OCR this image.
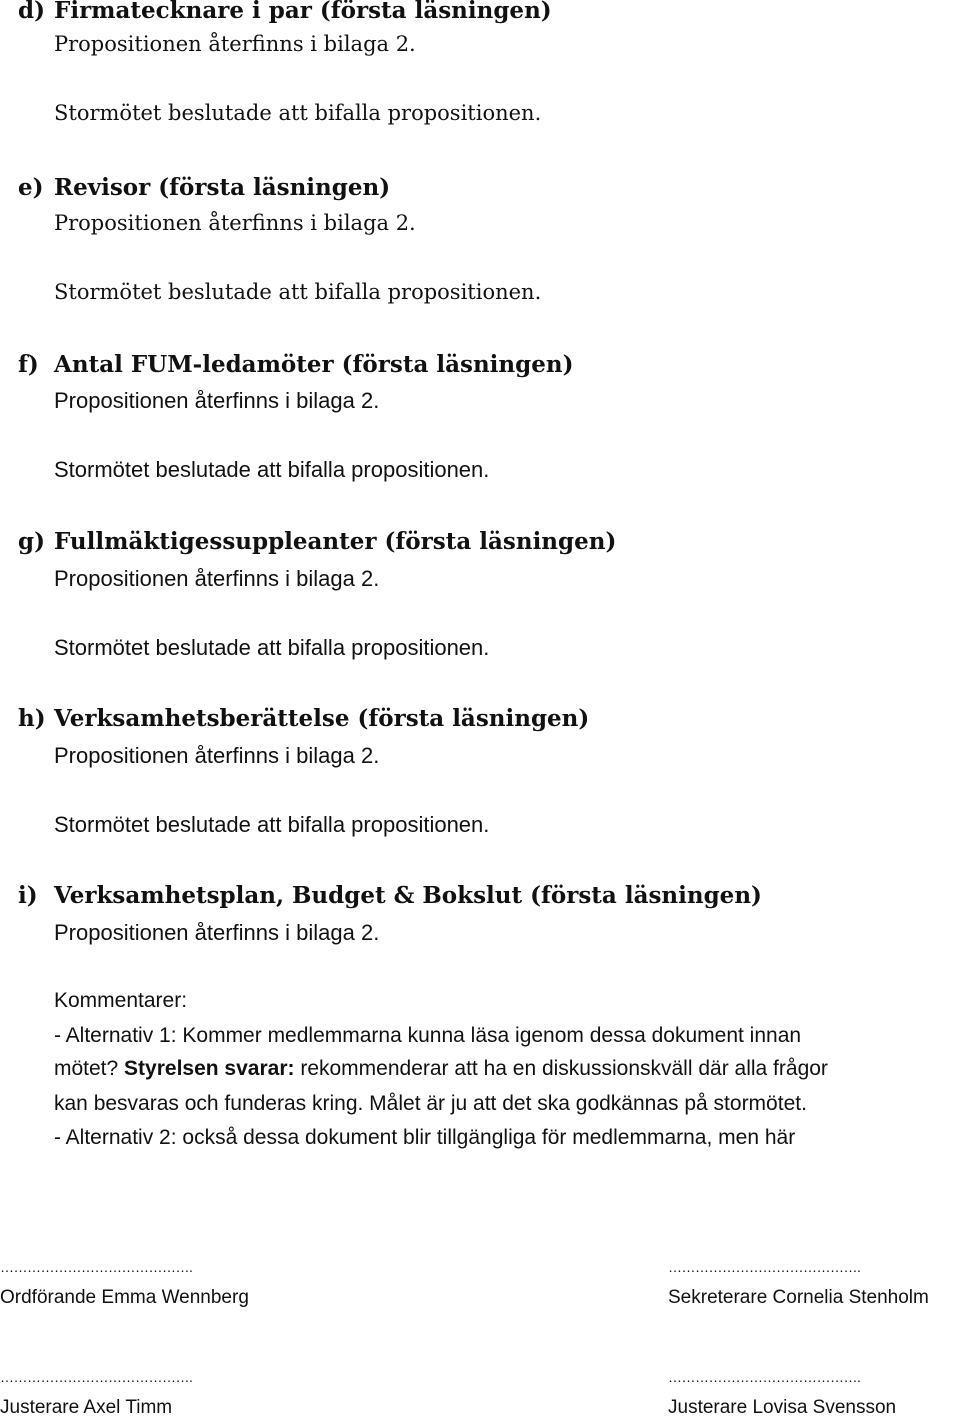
d) Firmatecknare i par (första läsningen)
Propositionen återfinns i bilaga 2.
Stormötet beslutade att bifalla propositionen.
e) Revisor (första läsningen)
Propositionen återfinns i bilaga 2.
Stormötet beslutade att bifalla propositionen.
f) Antal FUM-ledamöter (första läsningen)
Propositionen återfinns i bilaga 2.
Stormötet beslutade att bifalla propositionen.
g) Fullmäktigessuppleanter (första läsningen)
Propositionen återfinns i bilaga 2.
Stormötet beslutade att bifalla propositionen.
h) Verksamhetsberättelse (första läsningen)
Propositionen återfinns i bilaga 2.
Stormötet beslutade att bifalla propositionen.
i) Verksamhetsplan, Budget & Bokslut (första läsningen)
Propositionen återfinns i bilaga 2.
Kommentarer:
- Alternativ 1: Kommer medlemmarna kunna läsa igenom dessa dokument innan
mötet? Styrelsen svarar: rekommenderar att ha en diskussionskväll där alla frågor
kan besvaras och funderas kring. Målet är ju att det ska godkännas på stormötet.
- Alternativ 2: också dessa dokument blir tillgängliga för medlemmarna, men här
…………………………………….
Ordförande Emma Wennberg
…………………………………….
Sekreterare Cornelia Stenholm
…………………………………….
Justerare Axel Timm
…………………………………….
Justerare Lovisa Svensson
